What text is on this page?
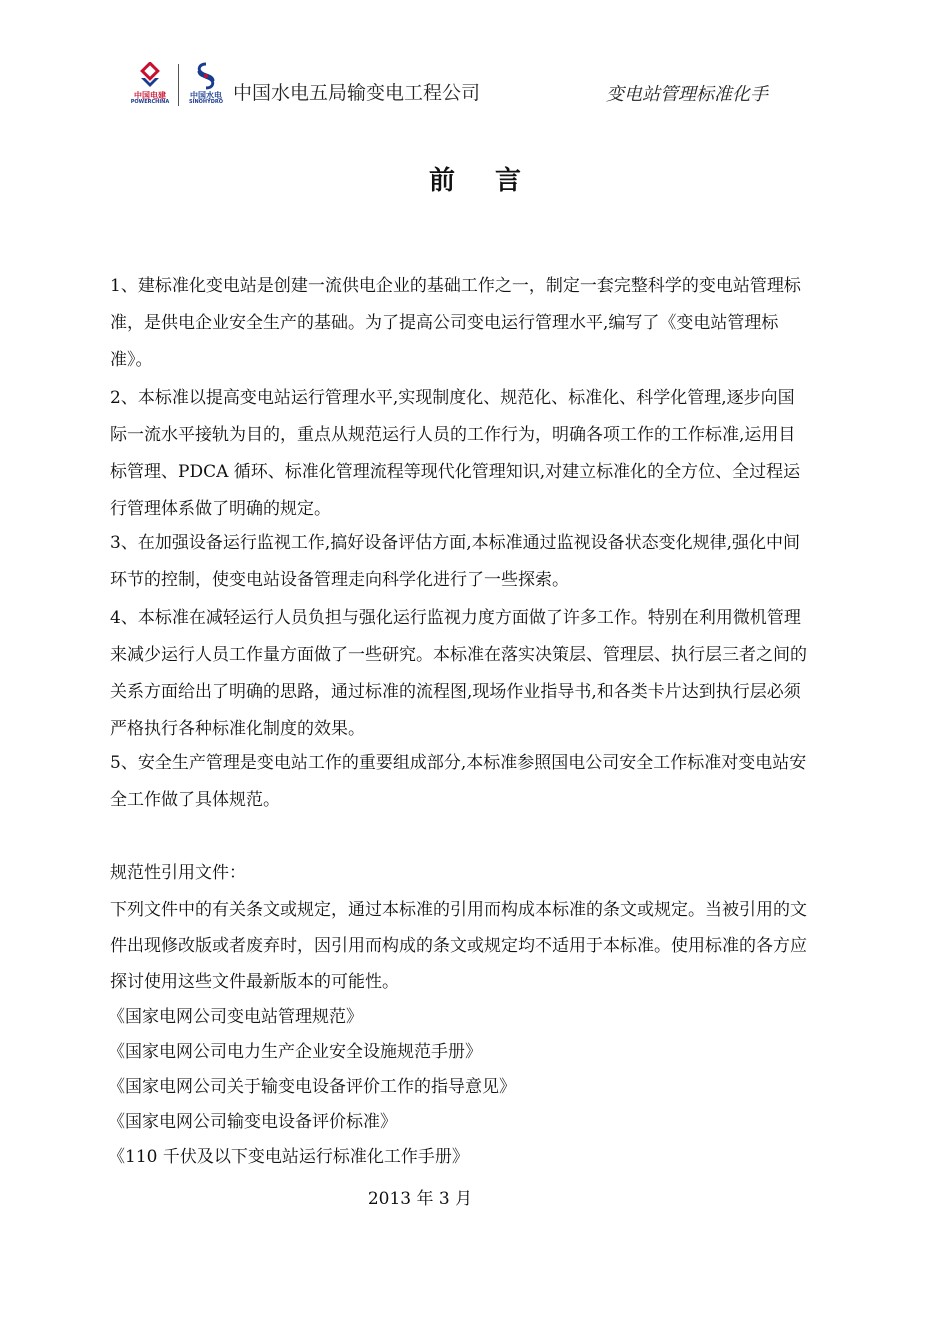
中国电建
POWERCHINA
中国水电
SINOHYDRO 中国水电五局输变电工程公司	变电站管理标准化手
前言

1、建标准化变电站是创建一流供电企业的基础工作之一，制定一套完整科学的变电站管理标准，是供电企业安全生产的基础。为了提高公司变电运行管理水平,编写了《变电站管理标准》。

2、本标准以提高变电站运行管理水平,实现制度化、规范化、标准化、科学化管理,逐步向国际一流水平接轨为目的，重点从规范运行人员的工作行为，明确各项工作的工作标准,运用目标管理、PDCA 循环、标准化管理流程等现代化管理知识,对建立标准化的全方位、全过程运行管理体系做了明确的规定。

3、在加强设备运行监视工作,搞好设备评估方面,本标准通过监视设备状态变化规律,强化中间环节的控制，使变电站设备管理走向科学化进行了一些探索。

4、本标准在减轻运行人员负担与强化运行监视力度方面做了许多工作。特别在利用微机管理来减少运行人员工作量方面做了一些研究。本标准在落实决策层、管理层、执行层三者之间的关系方面给出了明确的思路，通过标准的流程图,现场作业指导书,和各类卡片达到执行层必须严格执行各种标准化制度的效果。

5、安全生产管理是变电站工作的重要组成部分,本标准参照国电公司安全工作标准对变电站安全工作做了具体规范。

规范性引用文件：

下列文件中的有关条文或规定，通过本标准的引用而构成本标准的条文或规定。当被引用的文件出现修改版或者废弃时，因引用而构成的条文或规定均不适用于本标准。使用标准的各方应探讨使用这些文件最新版本的可能性。

《国家电网公司变电站管理规范》
《国家电网公司电力生产企业安全设施规范手册》
《国家电网公司关于输变电设备评价工作的指导意见》
《国家电网公司输变电设备评价标准》
《110 千伏及以下变电站运行标准化工作手册》
2013 年 3 月
